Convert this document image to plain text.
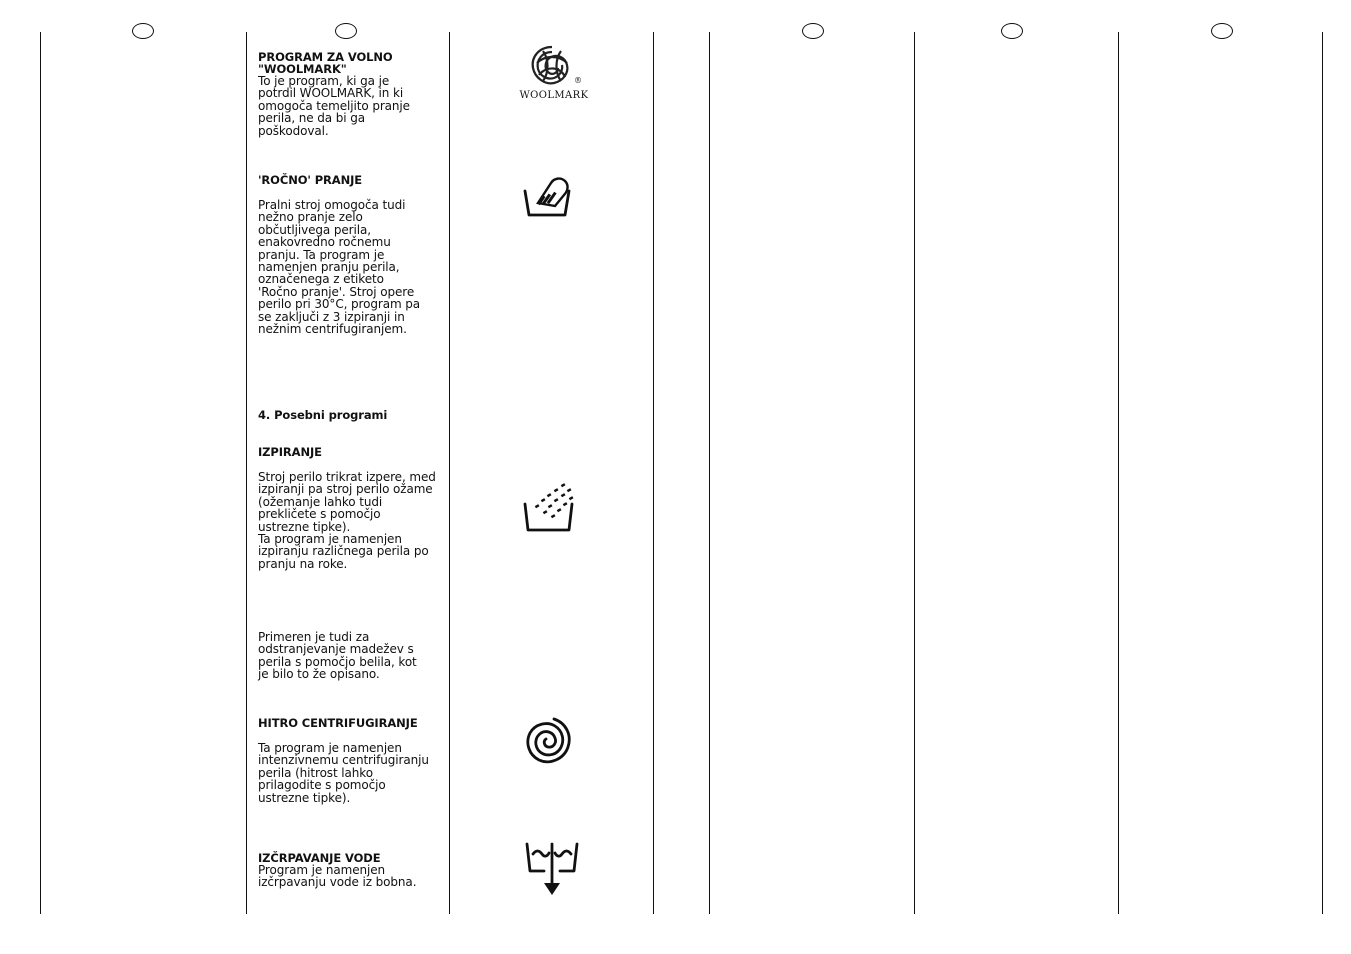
PROGRAM ZA VOLNO
"WOOLMARK"
To je program, ki ga je
potrdil WOOLMARK, in ki
omogoča temeljito pranje
perila, ne da bi ga
poškodoval.
'ROČNO' PRANJE
Pralni stroj omogoča tudi
nežno pranje zelo
občutljivega perila,
enakovredno ročnemu
pranju. Ta program je
namenjen pranju perila,
označenega z etiketo
'Ročno pranje'. Stroj opere
perilo pri 30°C, program pa
se zaključi z 3 izpiranji in
nežnim centrifugiranjem.
4. Posebni programi
IZPIRANJE
Stroj perilo trikrat izpere, med
izpiranji pa stroj perilo ožame
(ožemanje lahko tudi
prekličete s pomočjo
ustrezne tipke).
Ta program je namenjen
izpiranju različnega perila po
pranju na roke.
Primeren je tudi za
odstranjevanje madežev s
perila s pomočjo belila, kot
je bilo to že opisano.
HITRO CENTRIFUGIRANJE
Ta program je namenjen
intenzivnemu centrifugiranju
perila (hitrost lahko
prilagodite s pomočjo
ustrezne tipke).
IZČRPAVANJE VODE
Program je namenjen
izčrpavanju vode iz bobna.
®
WOOLMARK
